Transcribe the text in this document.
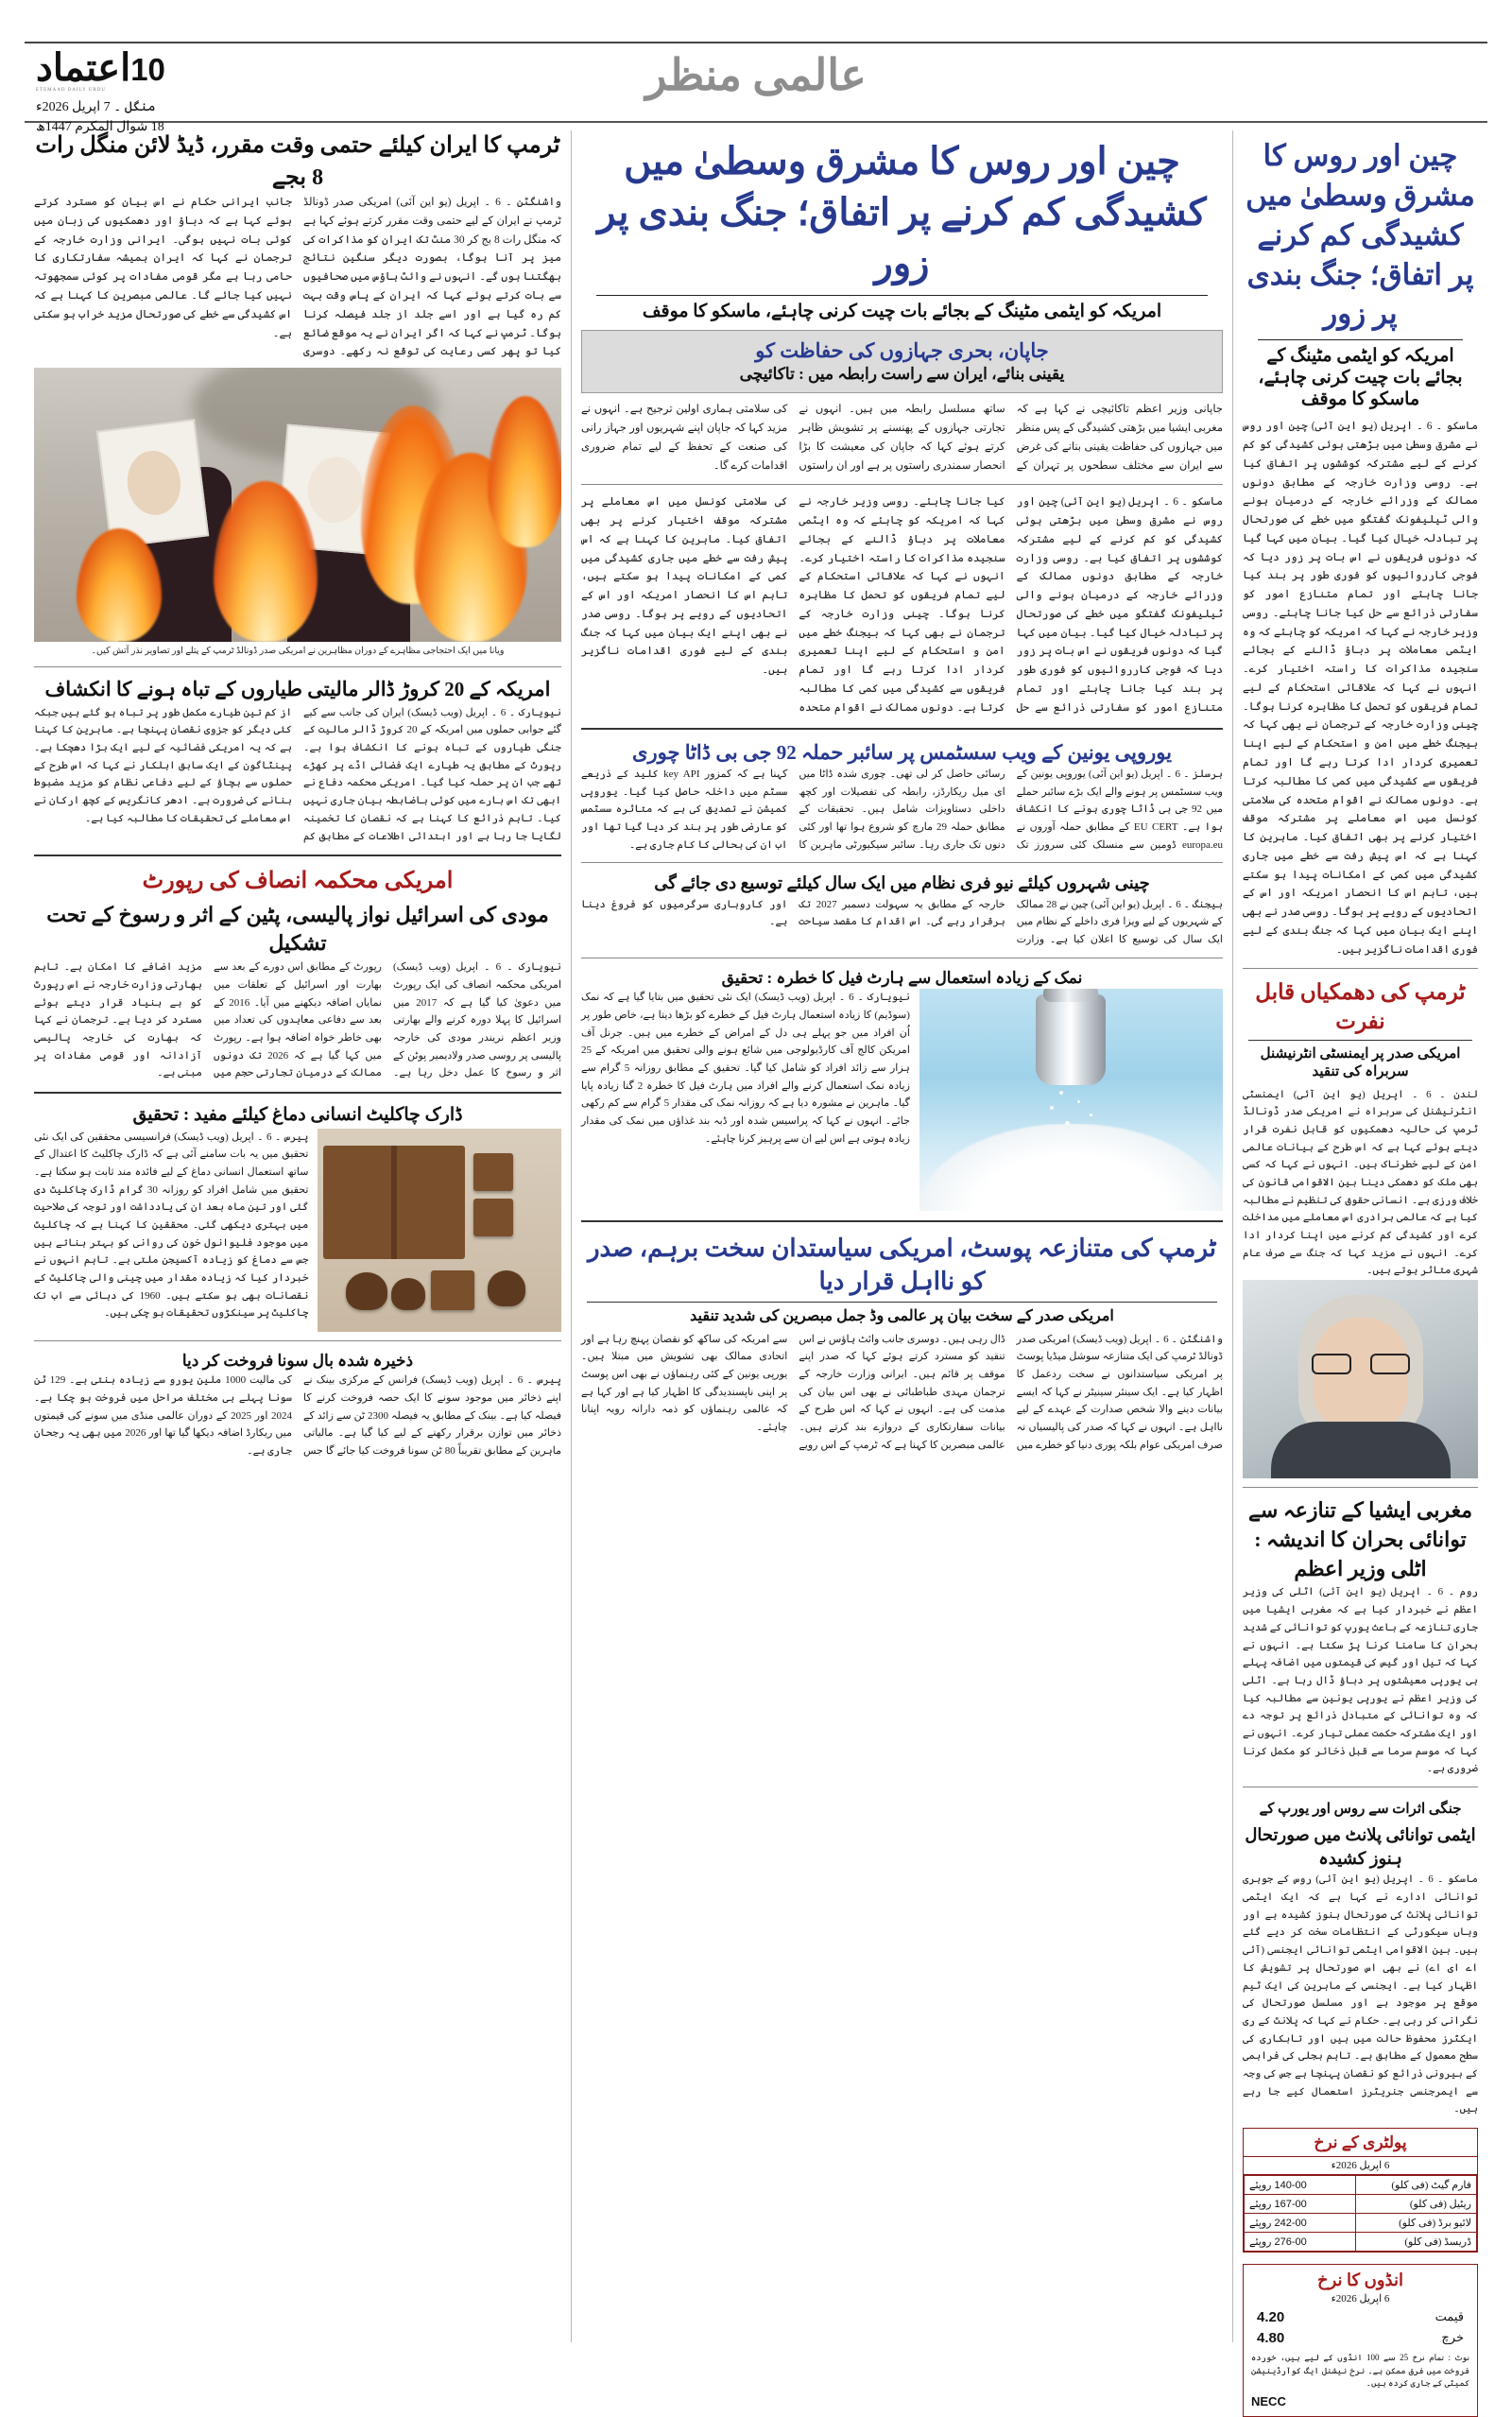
10اعتماد
ETEMAAD DAILY URDU
منگل ۔ 7 اپریل 2026ء
18 شوال المکرم 1447ھ
عالمی منظر
چین اور روس کا مشرق وسطیٰ میں کشیدگی کم کرنے پر اتفاق؛ جنگ بندی پر زور
امریکہ کو ایٹمی مٹینگ کے بجائے بات چیت کرنی چاہئے، ماسکو کا موقف
ماسکو ۔ 6 ۔ اپریل (یو این آئی) چین اور روس نے مشرق وسطیٰ میں بڑھتی ہوئی کشیدگی کو کم کرنے کے لیے مشترکہ کوششوں پر اتفاق کیا ہے۔ روسی وزارت خارجہ کے مطابق دونوں ممالک کے وزرائے خارجہ کے درمیان ہونے والی ٹیلیفونک گفتگو میں خطے کی صورتحال پر تبادلہ خیال کیا گیا۔ بیان میں کہا گیا کہ دونوں فریقوں نے اس بات پر زور دیا کہ فوجی کارروائیوں کو فوری طور پر بند کیا جانا چاہئے اور تمام متنازع امور کو سفارتی ذرائع سے حل کیا جانا چاہئے۔ روسی وزیر خارجہ نے کہا کہ امریکہ کو چاہئے کہ وہ ایٹمی معاملات پر دباؤ ڈالنے کے بجائے سنجیدہ مذاکرات کا راستہ اختیار کرے۔ انہوں نے کہا کہ علاقائی استحکام کے لیے تمام فریقوں کو تحمل کا مظاہرہ کرنا ہوگا۔ چینی وزارت خارجہ کے ترجمان نے بھی کہا کہ بیجنگ خطے میں امن و استحکام کے لیے اپنا تعمیری کردار ادا کرتا رہے گا اور تمام فریقوں سے کشیدگی میں کمی کا مطالبہ کرتا ہے۔ دونوں ممالک نے اقوام متحدہ کی سلامتی کونسل میں اس معاملے پر مشترکہ موقف اختیار کرنے پر بھی اتفاق کیا۔ ماہرین کا کہنا ہے کہ اس پیش رفت سے خطے میں جاری کشیدگی میں کمی کے امکانات پیدا ہو سکتے ہیں، تاہم اس کا انحصار امریکہ اور اس کے اتحادیوں کے رویے پر ہوگا۔ روسی صدر نے بھی اپنے ایک بیان میں کہا کہ جنگ بندی کے لیے فوری اقدامات ناگزیر ہیں۔
ٹرمپ کی دھمکیاں قابل نفرت
امریکی صدر پر ایمنسٹی انٹرنیشنل سربراہ کی تنقید
لندن ۔ 6 ۔ اپریل (یو این آئی) ایمنسٹی انٹرنیشنل کی سربراہ نے امریکی صدر ڈونالڈ ٹرمپ کی حالیہ دھمکیوں کو قابل نفرت قرار دیتے ہوئے کہا ہے کہ اس طرح کے بیانات عالمی امن کے لیے خطرناک ہیں۔ انہوں نے کہا کہ کسی بھی ملک کو دھمکی دینا بین الاقوامی قانون کی خلاف ورزی ہے۔ انسانی حقوق کی تنظیم نے مطالبہ کیا ہے کہ عالمی برادری اس معاملے میں مداخلت کرے اور کشیدگی کم کرنے میں اپنا کردار ادا کرے۔ انہوں نے مزید کہا کہ جنگ سے صرف عام شہری متاثر ہوتے ہیں۔
مغربی ایشیا کے تنازعہ سے توانائی بحران کا اندیشہ : اٹلی وزیر اعظم
روم ۔ 6 ۔ اپریل (یو این آئی) اٹلی کی وزیر اعظم نے خبردار کیا ہے کہ مغربی ایشیا میں جاری تنازعہ کے باعث یورپ کو توانائی کے شدید بحران کا سامنا کرنا پڑ سکتا ہے۔ انہوں نے کہا کہ تیل اور گیس کی قیمتوں میں اضافہ پہلے ہی یورپی معیشتوں پر دباؤ ڈال رہا ہے۔ اٹلی کی وزیر اعظم نے یورپی یونین سے مطالبہ کیا کہ وہ توانائی کے متبادل ذرائع پر توجہ دے اور ایک مشترکہ حکمت عملی تیار کرے۔ انہوں نے کہا کہ موسم سرما سے قبل ذخائر کو مکمل کرنا ضروری ہے۔
جنگی اثرات سے روس اور یورپ کے
ایٹمی توانائی پلانٹ میں صورتحال ہنوز کشیدہ
ماسکو ۔ 6 ۔ اپریل (یو این آئی) روس کے جوہری توانائی ادارے نے کہا ہے کہ ایک ایٹمی توانائی پلانٹ کی صورتحال ہنوز کشیدہ ہے اور وہاں سیکورٹی کے انتظامات سخت کر دیے گئے ہیں۔ بین الاقوامی ایٹمی توانائی ایجنسی (آئی اے ای اے) نے بھی اس صورتحال پر تشویش کا اظہار کیا ہے۔ ایجنسی کے ماہرین کی ایک ٹیم موقع پر موجود ہے اور مسلسل صورتحال کی نگرانی کر رہی ہے۔ حکام نے کہا کہ پلانٹ کے ری ایکٹرز محفوظ حالت میں ہیں اور تابکاری کی سطح معمول کے مطابق ہے۔ تاہم بجلی کی فراہمی کے بیرونی ذرائع کو نقصان پہنچا ہے جس کی وجہ سے ایمرجنسی جنریٹرز استعمال کیے جا رہے ہیں۔
پولٹری کے نرخ
6 اپریل 2026ء
فارم گیٹ (فی کلو)	140-00 روپئے
ریٹیل (فی کلو)	167-00 روپئے
لائیو برڈ (فی کلو)	242-00 روپئے
ڈریسڈ (فی کلو)	276-00 روپئے
انڈوں کا نرخ
6 اپریل 2026ء
قیمت
4.20
خرچ
4.80
نوٹ : تمام نرخ 25 سے 100 انڈوں کے لیے ہیں، خوردہ فروخت میں فرق ممکن ہے۔ نرخ نیشنل ایگ کوآرڈینیشن کمیٹی کے جاری کردہ ہیں۔
NECC
چین اور روس کا مشرق وسطیٰ میں کشیدگی کم کرنے پر اتفاق؛ جنگ بندی پر زور
امریکہ کو ایٹمی مٹینگ کے بجائے بات چیت کرنی چاہئے، ماسکو کا موقف
جاپان، بحری جہازوں کی حفاظت کو
یقینی بنائے، ایران سے راست رابطہ میں : تاکائیچی
جاپانی وزیر اعظم تاکائیچی نے کہا ہے کہ مغربی ایشیا میں بڑھتی کشیدگی کے پس منظر میں جہازوں کی حفاظت یقینی بنانے کی غرض سے ایران سے مختلف سطحوں پر تہران کے ساتھ مسلسل رابطہ میں ہیں۔ انہوں نے تجارتی جہازوں کے پھنسنے پر تشویش ظاہر کرتے ہوئے کہا کہ جاپان کی معیشت کا بڑا انحصار سمندری راستوں پر ہے اور ان راستوں کی سلامتی ہماری اولین ترجیح ہے۔ انہوں نے مزید کہا کہ جاپان اپنے شہریوں اور جہاز رانی کی صنعت کے تحفظ کے لیے تمام ضروری اقدامات کرے گا۔
ماسکو ۔ 6 ۔ اپریل (یو این آئی) چین اور روس نے مشرق وسطیٰ میں بڑھتی ہوئی کشیدگی کو کم کرنے کے لیے مشترکہ کوششوں پر اتفاق کیا ہے۔ روسی وزارت خارجہ کے مطابق دونوں ممالک کے وزرائے خارجہ کے درمیان ہونے والی ٹیلیفونک گفتگو میں خطے کی صورتحال پر تبادلہ خیال کیا گیا۔ بیان میں کہا گیا کہ دونوں فریقوں نے اس بات پر زور دیا کہ فوجی کارروائیوں کو فوری طور پر بند کیا جانا چاہئے اور تمام متنازع امور کو سفارتی ذرائع سے حل کیا جانا چاہئے۔ روسی وزیر خارجہ نے کہا کہ امریکہ کو چاہئے کہ وہ ایٹمی معاملات پر دباؤ ڈالنے کے بجائے سنجیدہ مذاکرات کا راستہ اختیار کرے۔ انہوں نے کہا کہ علاقائی استحکام کے لیے تمام فریقوں کو تحمل کا مظاہرہ کرنا ہوگا۔ چینی وزارت خارجہ کے ترجمان نے بھی کہا کہ بیجنگ خطے میں امن و استحکام کے لیے اپنا تعمیری کردار ادا کرتا رہے گا اور تمام فریقوں سے کشیدگی میں کمی کا مطالبہ کرتا ہے۔ دونوں ممالک نے اقوام متحدہ کی سلامتی کونسل میں اس معاملے پر مشترکہ موقف اختیار کرنے پر بھی اتفاق کیا۔ ماہرین کا کہنا ہے کہ اس پیش رفت سے خطے میں جاری کشیدگی میں کمی کے امکانات پیدا ہو سکتے ہیں، تاہم اس کا انحصار امریکہ اور اس کے اتحادیوں کے رویے پر ہوگا۔ روسی صدر نے بھی اپنے ایک بیان میں کہا کہ جنگ بندی کے لیے فوری اقدامات ناگزیر ہیں۔
یوروپی یونین کے ویب سسٹمس پر سائبر حملہ 92 جی بی ڈاٹا چوری
برسلز ۔ 6 ۔ اپریل (یو این آئی) یوروپی یونین کے ویب سسٹمس پر ہونے والے ایک بڑے سائبر حملے میں 92 جی بی ڈاٹا چوری ہونے کا انکشاف ہوا ہے۔ EU CERT کے مطابق حملہ آوروں نے europa.eu ڈومین سے منسلک کئی سرورز تک رسائی حاصل کر لی تھی۔ چوری شدہ ڈاٹا میں ای میل ریکارڈز، رابطہ کی تفصیلات اور کچھ داخلی دستاویزات شامل ہیں۔ تحقیقات کے مطابق حملہ 29 مارچ کو شروع ہوا تھا اور کئی دنوں تک جاری رہا۔ سائبر سیکیورٹی ماہرین کا کہنا ہے کہ کمزور key API کلید کے ذریعے سسٹم میں داخلہ حاصل کیا گیا۔ یوروپی کمیشن نے تصدیق کی ہے کہ متاثرہ سسٹمس کو عارضی طور پر بند کر دیا گیا تھا اور اب ان کی بحالی کا کام جاری ہے۔
چینی شہروں کیلئے نیو فری نظام میں ایک سال کیلئے توسیع دی جائے گی
بیجنگ ۔ 6 ۔ اپریل (یو این آئی) چین نے 28 ممالک کے شہریوں کے لیے ویزا فری داخلے کے نظام میں ایک سال کی توسیع کا اعلان کیا ہے۔ وزارت خارجہ کے مطابق یہ سہولت دسمبر 2027 تک برقرار رہے گی۔ اس اقدام کا مقصد سیاحت اور کاروباری سرگرمیوں کو فروغ دینا ہے۔
نمک کے زیادہ استعمال سے ہارٹ فیل کا خطرہ : تحقیق
نیویارک ۔ 6 ۔ اپریل (ویب ڈیسک) ایک نئی تحقیق میں بتایا گیا ہے کہ نمک (سوڈیم) کا زیادہ استعمال ہارٹ فیل کے خطرے کو بڑھا دیتا ہے، خاص طور پر اُن افراد میں جو پہلے ہی دل کے امراض کے خطرے میں ہیں۔ جرنل آف امریکن کالج آف کارڈیولوجی میں شائع ہونے والی تحقیق میں امریکہ کے 25 ہزار سے زائد افراد کو شامل کیا گیا۔ تحقیق کے مطابق روزانہ 5 گرام سے زیادہ نمک استعمال کرنے والے افراد میں ہارٹ فیل کا خطرہ 2 گنا زیادہ پایا گیا۔ ماہرین نے مشورہ دیا ہے کہ روزانہ نمک کی مقدار 5 گرام سے کم رکھی جائے۔ انہوں نے کہا کہ پراسیس شدہ اور ڈبہ بند غذاؤں میں نمک کی مقدار زیادہ ہوتی ہے اس لیے ان سے پرہیز کرنا چاہئے۔
ٹرمپ کی متنازعہ پوسٹ، امریکی سیاستدان سخت برہم، صدر کو نااہل قرار دیا
امریکی صدر کے سخت بیان پر عالمی وڈ جمل مبصرین کی شدید تنقید
واشنگٹن ۔ 6 ۔ اپریل (ویب ڈیسک) امریکی صدر ڈونالڈ ٹرمپ کی ایک متنازعہ سوشل میڈیا پوسٹ پر امریکی سیاستدانوں نے سخت ردعمل کا اظہار کیا ہے۔ ایک سینئر سینیٹر نے کہا کہ ایسے بیانات دینے والا شخص صدارت کے عہدے کے لیے نااہل ہے۔ انہوں نے کہا کہ صدر کی پالیسیاں نہ صرف امریکی عوام بلکہ پوری دنیا کو خطرے میں ڈال رہی ہیں۔ دوسری جانب وائٹ ہاؤس نے اس تنقید کو مسترد کرتے ہوئے کہا کہ صدر اپنے موقف پر قائم ہیں۔ ایرانی وزارت خارجہ کے ترجمان مہدی طباطبائی نے بھی اس بیان کی مذمت کی ہے۔ انہوں نے کہا کہ اس طرح کے بیانات سفارتکاری کے دروازے بند کرتے ہیں۔ عالمی مبصرین کا کہنا ہے کہ ٹرمپ کے اس رویے سے امریکہ کی ساکھ کو نقصان پہنچ رہا ہے اور اتحادی ممالک بھی تشویش میں مبتلا ہیں۔ یورپی یونین کے کئی رہنماؤں نے بھی اس پوسٹ پر اپنی ناپسندیدگی کا اظہار کیا ہے اور کہا ہے کہ عالمی رہنماؤں کو ذمہ دارانہ رویہ اپنانا چاہئے۔
ٹرمپ کا ایران کیلئے حتمی وقت مقرر، ڈیڈ لائن منگل رات 8 بجے
واشنگٹن ۔ 6 ۔ اپریل (یو این آئی) امریکی صدر ڈونالڈ ٹرمپ نے ایران کے لیے حتمی وقت مقرر کرتے ہوئے کہا ہے کہ منگل رات 8 بج کر 30 منٹ تک ایران کو مذاکرات کی میز پر آنا ہوگا، بصورت دیگر سنگین نتائج بھگتنا ہوں گے۔ انہوں نے وائٹ ہاؤس میں صحافیوں سے بات کرتے ہوئے کہا کہ ایران کے پاس وقت بہت کم رہ گیا ہے اور اسے جلد از جلد فیصلہ کرنا ہوگا۔ ٹرمپ نے کہا کہ اگر ایران نے یہ موقع ضائع کیا تو پھر کسی رعایت کی توقع نہ رکھے۔ دوسری جانب ایرانی حکام نے اس بیان کو مسترد کرتے ہوئے کہا ہے کہ دباؤ اور دھمکیوں کی زبان میں کوئی بات نہیں ہوگی۔ ایرانی وزارت خارجہ کے ترجمان نے کہا کہ ایران ہمیشہ سفارتکاری کا حامی رہا ہے مگر قومی مفادات پر کوئی سمجھوتہ نہیں کیا جائے گا۔ عالمی مبصرین کا کہنا ہے کہ اس کشیدگی سے خطے کی صورتحال مزید خراب ہو سکتی ہے۔
ویانا میں ایک احتجاجی مظاہرے کے دوران مظاہرین نے امریکی صدر ڈونالڈ ٹرمپ کے پتلے اور تصاویر نذر آتش کیں۔
امریکہ کے 20 کروڑ ڈالر مالیتی طیاروں کے تباہ ہونے کا انکشاف
نیویارک ۔ 6 ۔ اپریل (ویب ڈیسک) ایران کی جانب سے کیے گئے جوابی حملوں میں امریکہ کے 20 کروڑ ڈالر مالیت کے جنگی طیاروں کے تباہ ہونے کا انکشاف ہوا ہے۔ رپورٹ کے مطابق یہ طیارے ایک فضائی اڈے پر کھڑے تھے جب ان پر حملہ کیا گیا۔ امریکی محکمہ دفاع نے ابھی تک اس بارے میں کوئی باضابطہ بیان جاری نہیں کیا۔ تاہم ذرائع کا کہنا ہے کہ نقصان کا تخمینہ لگایا جا رہا ہے اور ابتدائی اطلاعات کے مطابق کم از کم تین طیارے مکمل طور پر تباہ ہو گئے ہیں جبکہ کئی دیگر کو جزوی نقصان پہنچا ہے۔ ماہرین کا کہنا ہے کہ یہ امریکی فضائیہ کے لیے ایک بڑا دھچکا ہے۔ پینٹاگون کے ایک سابق اہلکار نے کہا کہ اس طرح کے حملوں سے بچاؤ کے لیے دفاعی نظام کو مزید مضبوط بنانے کی ضرورت ہے۔ ادھر کانگریس کے کچھ ارکان نے اس معاملے کی تحقیقات کا مطالبہ کیا ہے۔
امریکی محکمہ انصاف کی رپورٹ
مودی کی اسرائیل نواز پالیسی، پٹین کے اثر و رسوخ کے تحت تشکیل
نیویارک ۔ 6 ۔ اپریل (ویب ڈیسک) امریکی محکمہ انصاف کی ایک رپورٹ میں دعویٰ کیا گیا ہے کہ 2017 میں اسرائیل کا پہلا دورہ کرنے والے بھارتی وزیر اعظم نریندر مودی کی خارجہ پالیسی پر روسی صدر ولادیمیر پوٹن کے اثر و رسوخ کا عمل دخل رہا ہے۔ رپورٹ کے مطابق اس دورے کے بعد سے بھارت اور اسرائیل کے تعلقات میں نمایاں اضافہ دیکھنے میں آیا۔ 2016 کے بعد سے دفاعی معاہدوں کی تعداد میں بھی خاطر خواہ اضافہ ہوا ہے۔ رپورٹ میں کہا گیا ہے کہ 2026 تک دونوں ممالک کے درمیان تجارتی حجم میں مزید اضافے کا امکان ہے۔ تاہم بھارتی وزارت خارجہ نے اس رپورٹ کو بے بنیاد قرار دیتے ہوئے مسترد کر دیا ہے۔ ترجمان نے کہا کہ بھارت کی خارجہ پالیسی آزادانہ اور قومی مفادات پر مبنی ہے۔
ڈارک چاکلیٹ انسانی دماغ کیلئے مفید : تحقیق
پیرس ۔ 6 ۔ اپریل (ویب ڈیسک) فرانسیسی محققین کی ایک نئی تحقیق میں یہ بات سامنے آئی ہے کہ ڈارک چاکلیٹ کا اعتدال کے ساتھ استعمال انسانی دماغ کے لیے فائدہ مند ثابت ہو سکتا ہے۔ تحقیق میں شامل افراد کو روزانہ 30 گرام ڈارک چاکلیٹ دی گئی اور تین ماہ بعد ان کی یادداشت اور توجہ کی صلاحیت میں بہتری دیکھی گئی۔ محققین کا کہنا ہے کہ چاکلیٹ میں موجود فلیوانول خون کی روانی کو بہتر بناتے ہیں جس سے دماغ کو زیادہ آکسیجن ملتی ہے۔ تاہم انہوں نے خبردار کیا کہ زیادہ مقدار میں چینی والی چاکلیٹ کے نقصانات بھی ہو سکتے ہیں۔ 1960 کی دہائی سے اب تک چاکلیٹ پر سینکڑوں تحقیقات ہو چکی ہیں۔
ذخیرہ شدہ بال سونا فروخت کر دیا
پیرس ۔ 6 ۔ اپریل (ویب ڈیسک) فرانس کے مرکزی بینک نے اپنے ذخائر میں موجود سونے کا ایک حصہ فروخت کرنے کا فیصلہ کیا ہے۔ بینک کے مطابق یہ فیصلہ 2300 ٹن سے زائد کے ذخائر میں توازن برقرار رکھنے کے لیے کیا گیا ہے۔ مالیاتی ماہرین کے مطابق تقریباً 80 ٹن سونا فروخت کیا جائے گا جس کی مالیت 1000 ملین یورو سے زیادہ بنتی ہے۔ 129 ٹن سونا پہلے ہی مختلف مراحل میں فروخت ہو چکا ہے۔ 2024 اور 2025 کے دوران عالمی منڈی میں سونے کی قیمتوں میں ریکارڈ اضافہ دیکھا گیا تھا اور 2026 میں بھی یہ رجحان جاری ہے۔
